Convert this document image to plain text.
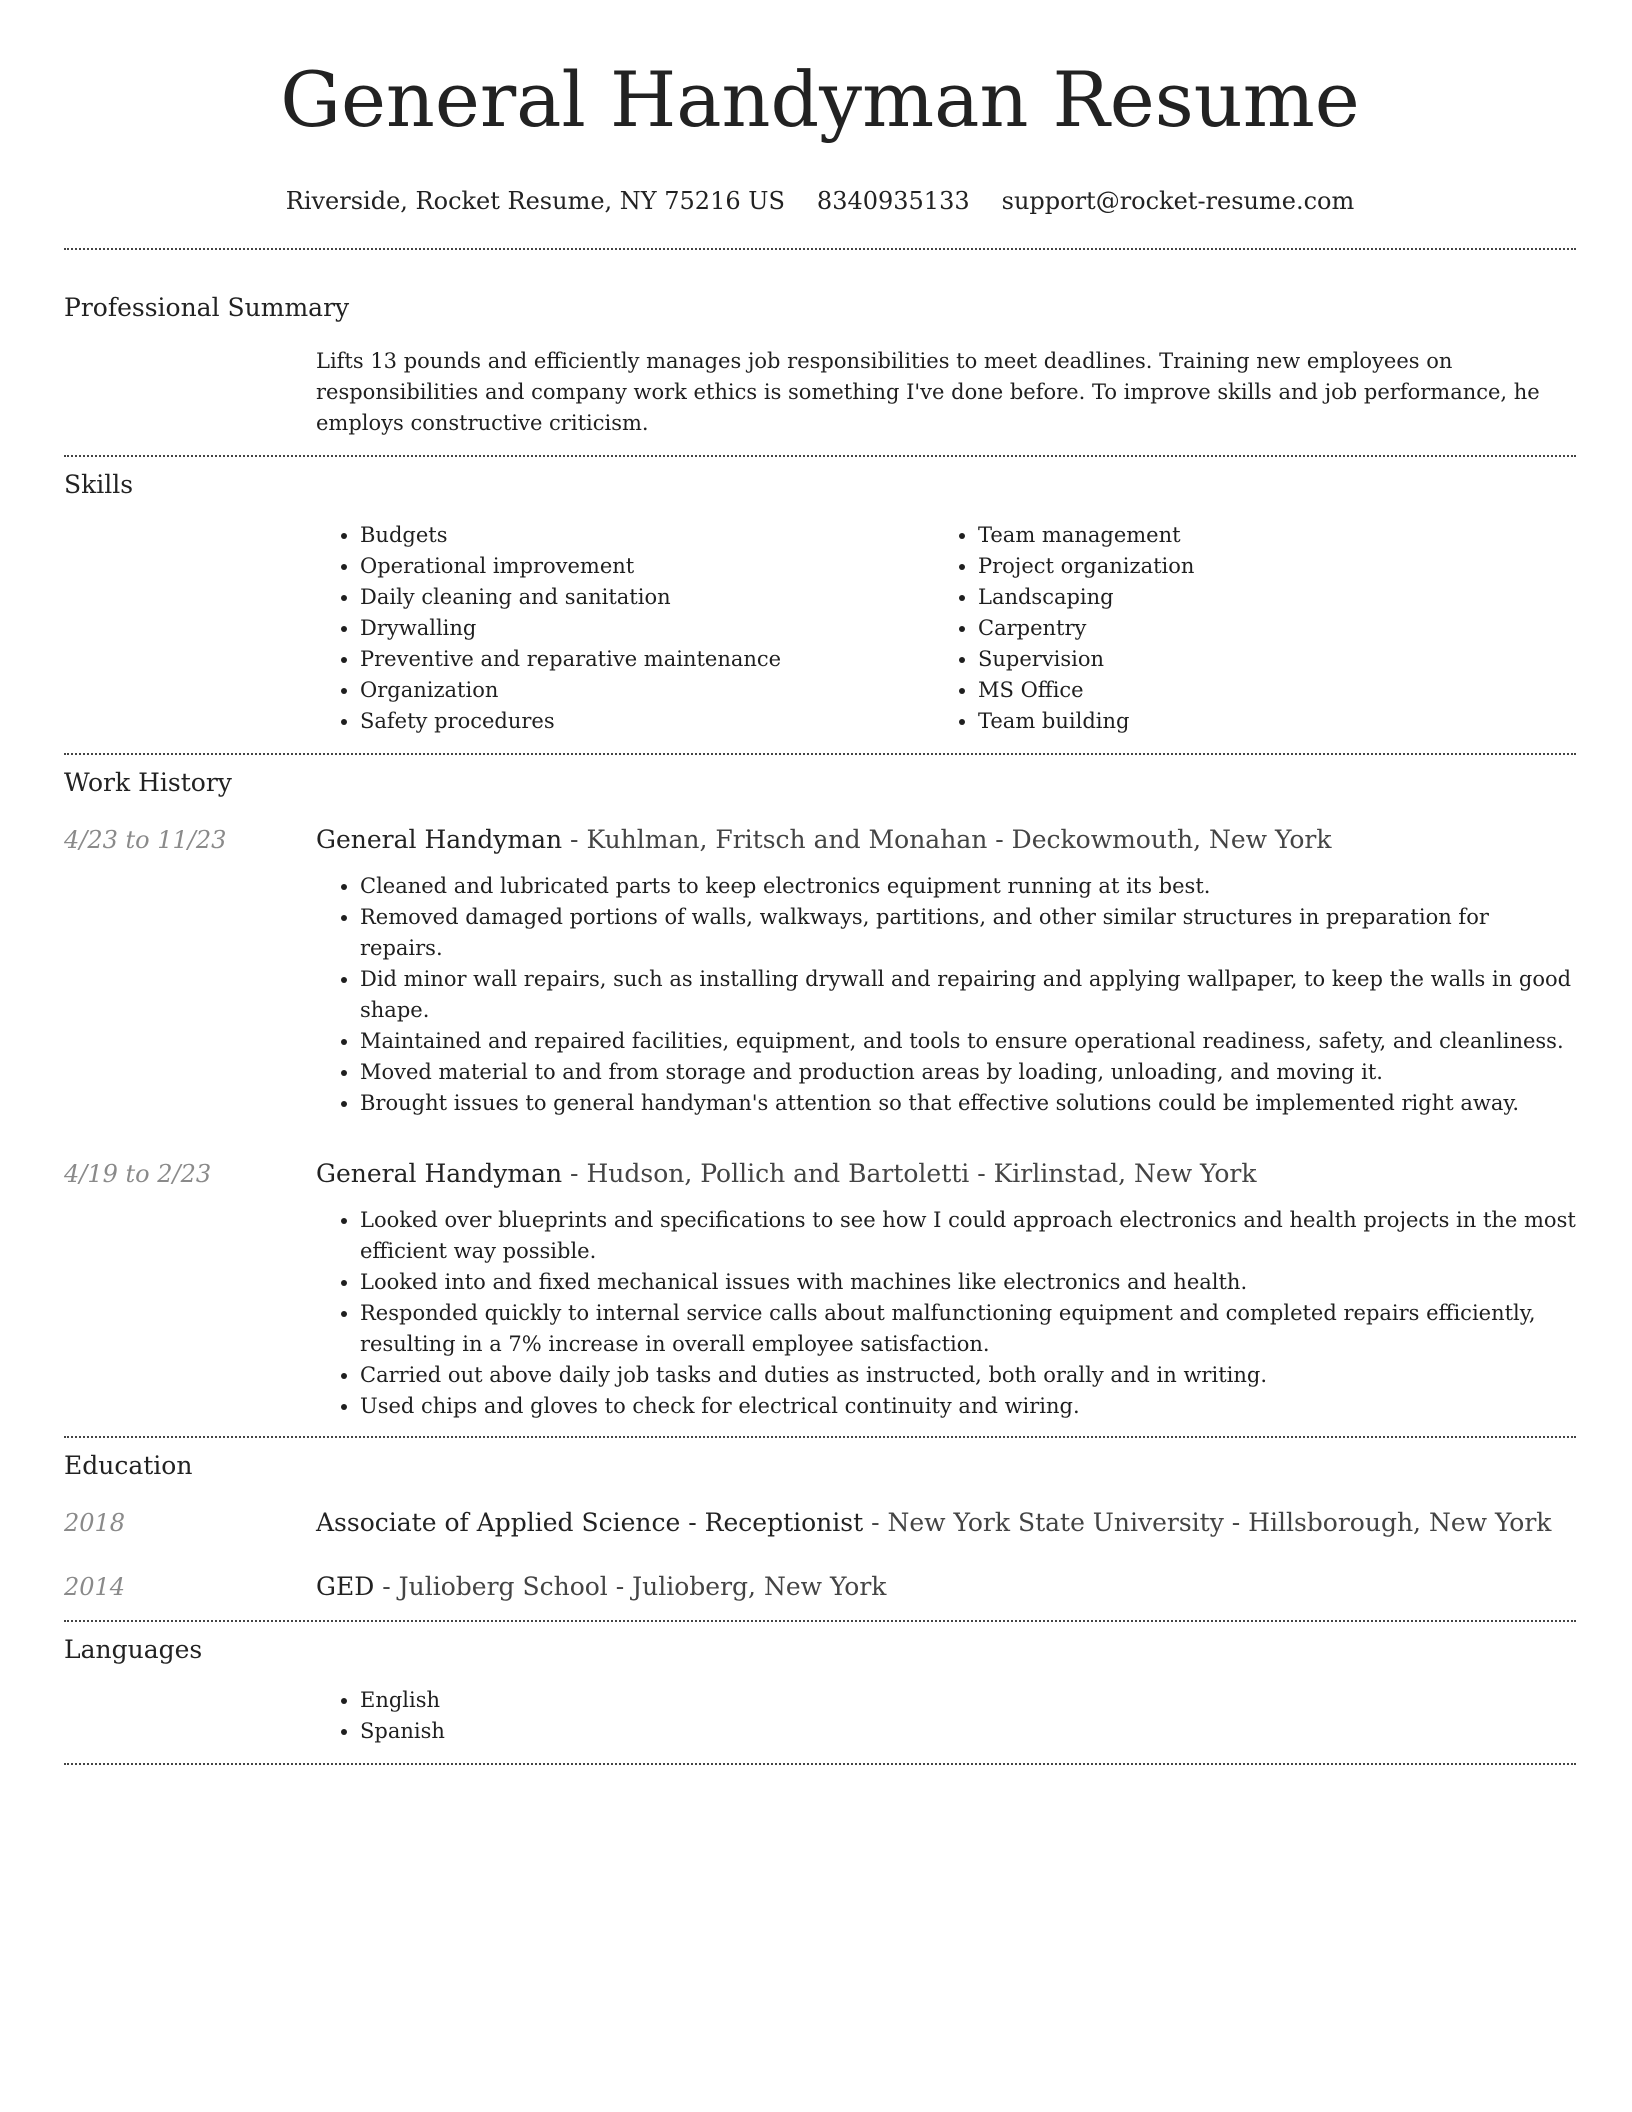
General Handyman Resume
Riverside, Rocket Resume, NY 75216 US 8340935133 support@rocket-resume.com
Professional Summary

Lifts 13 pounds and efficiently manages job responsibilities to meet deadlines. Training new employees on responsibilities and company work ethics is something I've done before. To improve skills and job performance, he employs constructive criticism.

Skills
• Budgets
• Operational improvement
• Daily cleaning and sanitation
• Drywalling
• Preventive and reparative maintenance
• Organization
• Safety procedures
• Team management
• Project organization
• Landscaping
• Carpentry
• Supervision
• MS Office
• Team building
Work History
4/23 to 11/23	General Handyman - Kuhlman, Fritsch and Monahan - Deckowmouth, New York
• Cleaned and lubricated parts to keep electronics equipment running at its best.
• Removed damaged portions of walls, walkways, partitions, and other similar structures in preparation for repairs.
• Did minor wall repairs, such as installing drywall and repairing and applying wallpaper, to keep the walls in good shape.
• Maintained and repaired facilities, equipment, and tools to ensure operational readiness, safety, and cleanliness.
• Moved material to and from storage and production areas by loading, unloading, and moving it.
• Brought issues to general handyman's attention so that effective solutions could be implemented right away.
4/19 to 2/23	General Handyman - Hudson, Pollich and Bartoletti - Kirlinstad, New York
• Looked over blueprints and specifications to see how I could approach electronics and health projects in the most efficient way possible.
• Looked into and fixed mechanical issues with machines like electronics and health.
• Responded quickly to internal service calls about malfunctioning equipment and completed repairs efficiently, resulting in a 7% increase in overall employee satisfaction.
• Carried out above daily job tasks and duties as instructed, both orally and in writing.
• Used chips and gloves to check for electrical continuity and wiring.
Education
2018	Associate of Applied Science - Receptionist - New York State University - Hillsborough, New York
2014	GED - Julioberg School - Julioberg, New York
Languages
• English
• Spanish
